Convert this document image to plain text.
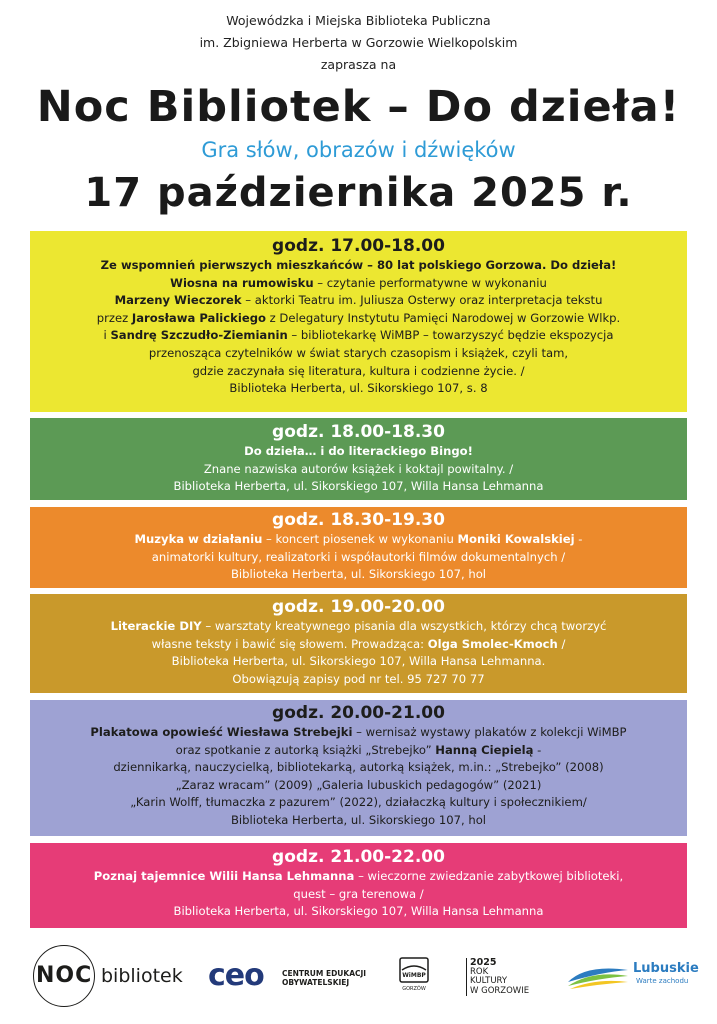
Wojewódzka i Miejska Biblioteka Publiczna
im. Zbigniewa Herberta w Gorzowie Wielkopolskim
zaprasza na
Noc Bibliotek – Do dzieła!
Gra słów, obrazów i dźwięków
17 października 2025 r.
godz. 17.00-18.00
Ze wspomnień pierwszych mieszkańców – 80 lat polskiego Gorzowa. Do dzieła!
Wiosna na rumowisku – czytanie performatywne w wykonaniu
Marzeny Wieczorek – aktorki Teatru im. Juliusza Osterwy oraz interpretacja tekstu
przez Jarosława Palickiego z Delegatury Instytutu Pamięci Narodowej w Gorzowie Wlkp.
i Sandrę Szczudło-Ziemianin – bibliotekarkę WiMBP – towarzyszyć będzie ekspozycja
przenosząca czytelników w świat starych czasopism i książek, czyli tam,
gdzie zaczynała się literatura, kultura i codzienne życie. /
Biblioteka Herberta, ul. Sikorskiego 107, s. 8
godz. 18.00-18.30
Do dzieła… i do literackiego Bingo!
Znane nazwiska autorów książek i koktajl powitalny. /
Biblioteka Herberta, ul. Sikorskiego 107, Willa Hansa Lehmanna
godz. 18.30-19.30
Muzyka w działaniu – koncert piosenek w wykonaniu Moniki Kowalskiej -
animatorki kultury, realizatorki i współautorki filmów dokumentalnych /
Biblioteka Herberta, ul. Sikorskiego 107, hol
godz. 19.00-20.00
Literackie DIY – warsztaty kreatywnego pisania dla wszystkich, którzy chcą tworzyć
własne teksty i bawić się słowem. Prowadząca: Olga Smolec-Kmoch /
Biblioteka Herberta, ul. Sikorskiego 107, Willa Hansa Lehmanna.
Obowiązują zapisy pod nr tel. 95 727 70 77
godz. 20.00-21.00
Plakatowa opowieść Wiesława Strebejki – wernisaż wystawy plakatów z kolekcji WiMBP
oraz spotkanie z autorką książki „Strebejko” Hanną Ciepielą -
dziennikarką, nauczycielką, bibliotekarką, autorką książek, m.in.: „Strebejko” (2008)
„Zaraz wracam” (2009) „Galeria lubuskich pedagogów” (2021)
„Karin Wolff, tłumaczka z pazurem” (2022), działaczką kultury i społecznikiem/
Biblioteka Herberta, ul. Sikorskiego 107, hol
godz. 21.00-22.00
Poznaj tajemnice Wilii Hansa Lehmanna – wieczorne zwiedzanie zabytkowej biblioteki,
quest – gra terenowa /
Biblioteka Herberta, ul. Sikorskiego 107, Willa Hansa Lehmanna
NOC bibliotek ceo CENTRUM EDUKACJI
OBYWATELSKIEJ
WiMBP
GORZÓW
2025
ROK
KULTURY
W GORZOWIE
Lubuskie
Warte zachodu
